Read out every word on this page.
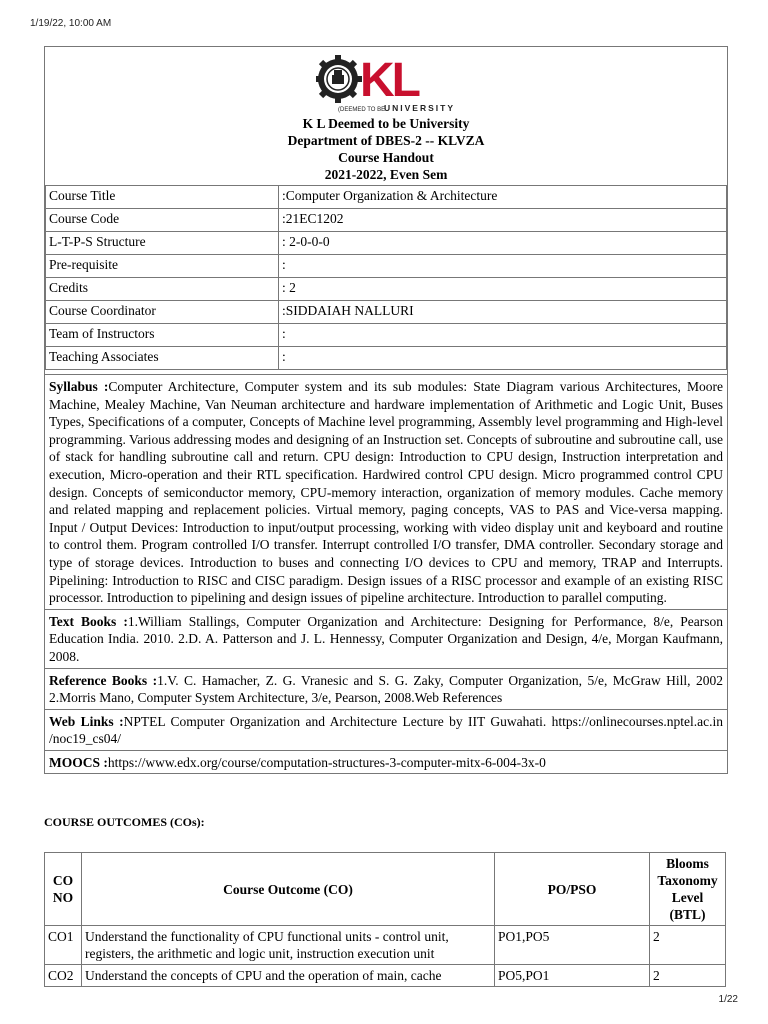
1/19/22, 10:00 AM
KL
(DEEMED TO BE
UNIVERSITY
K L Deemed to be University
Department of DBES-2 -- KLVZA
Course Handout
2021-2022, Even Sem
Course Title	:Computer Organization & Architecture
Course Code	:21EC1202
L-T-P-S Structure	: 2-0-0-0
Pre-requisite	:
Credits	: 2
Course Coordinator	:SIDDAIAH NALLURI
Team of Instructors	:
Teaching Associates	:
Syllabus :Computer Architecture, Computer system and its sub modules: State Diagram various Architectures, Moore Machine, Mealey Machine, Van Neuman architecture and hardware implementation of Arithmetic and Logic Unit, Buses Types, Specifications of a computer, Concepts of Machine level programming, Assembly level programming and High-level programming. Various addressing modes and designing of an Instruction set. Concepts of subroutine and subroutine call, use of stack for handling subroutine call and return. CPU design: Introduction to CPU design, Instruction interpretation and execution, Micro-operation and their RTL specification. Hardwired control CPU design. Micro programmed control CPU design. Concepts of semiconductor memory, CPU-memory interaction, organization of memory modules. Cache memory and related mapping and replacement policies. Virtual memory, paging concepts, VAS to PAS and Vice-versa mapping. Input / Output Devices: Introduction to input/output processing, working with video display unit and keyboard and routine to control them. Program controlled I/O transfer. Interrupt controlled I/O transfer, DMA controller. Secondary storage and type of storage devices. Introduction to buses and connecting I/O devices to CPU and memory, TRAP and Interrupts. Pipelining: Introduction to RISC and CISC paradigm. Design issues of a RISC processor and example of an existing RISC processor. Introduction to pipelining and design issues of pipeline architecture. Introduction to parallel computing.
Text Books :1.William Stallings, Computer Organization and Architecture: Designing for Performance, 8/e, Pearson Education India. 2010. 2.D. A. Patterson and J. L. Hennessy, Computer Organization and Design, 4/e, Morgan Kaufmann, 2008.
Reference Books :1.V. C. Hamacher, Z. G. Vranesic and S. G. Zaky, Computer Organization, 5/e, McGraw Hill, 2002 2.Morris Mano, Computer System Architecture, 3/e, Pearson, 2008.Web References
Web Links :NPTEL Computer Organization and Architecture Lecture by IIT Guwahati. https://onlinecourses.nptel.ac.in /noc19_cs04/
MOOCS :https://www.edx.org/course/computation-structures-3-computer-mitx-6-004-3x-0
COURSE OUTCOMES (COs):
CO NO	Course Outcome (CO)	PO/PSO	Blooms Taxonomy Level (BTL)
CO1	Understand the functionality of CPU functional units - control unit, registers, the arithmetic and logic unit, instruction execution unit	PO1,PO5	2
CO2	Understand the concepts of CPU and the operation of main, cache	PO5,PO1	2
1/22
